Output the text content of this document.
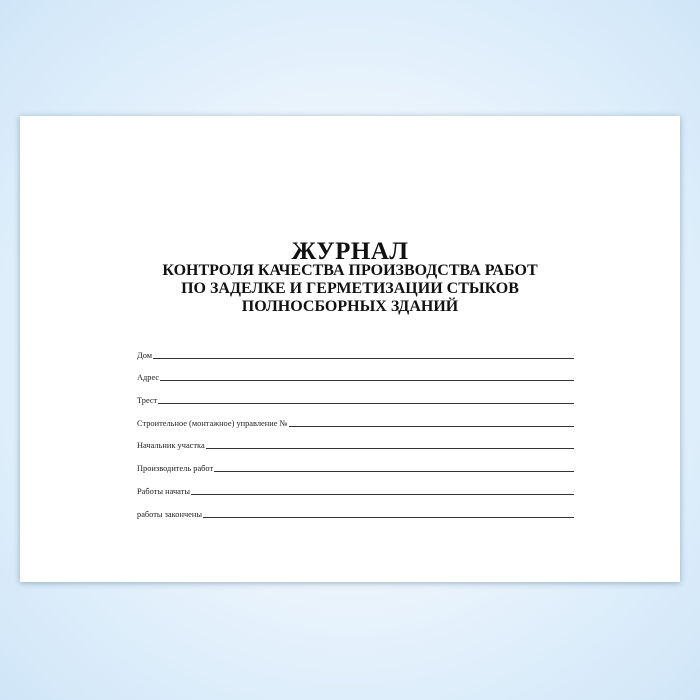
ЖУРНАЛ
КОНТРОЛЯ КАЧЕСТВА ПРОИЗВОДСТВА РАБОТ
ПО ЗАДЕЛКЕ И ГЕРМЕТИЗАЦИИ СТЫКОВ
ПОЛНОСБОРНЫХ ЗДАНИЙ
Дом
Адрес
Трест
Строительное (монтажное) управление №
Начальник участка
Производитель работ
Работы начаты
работы закончены
